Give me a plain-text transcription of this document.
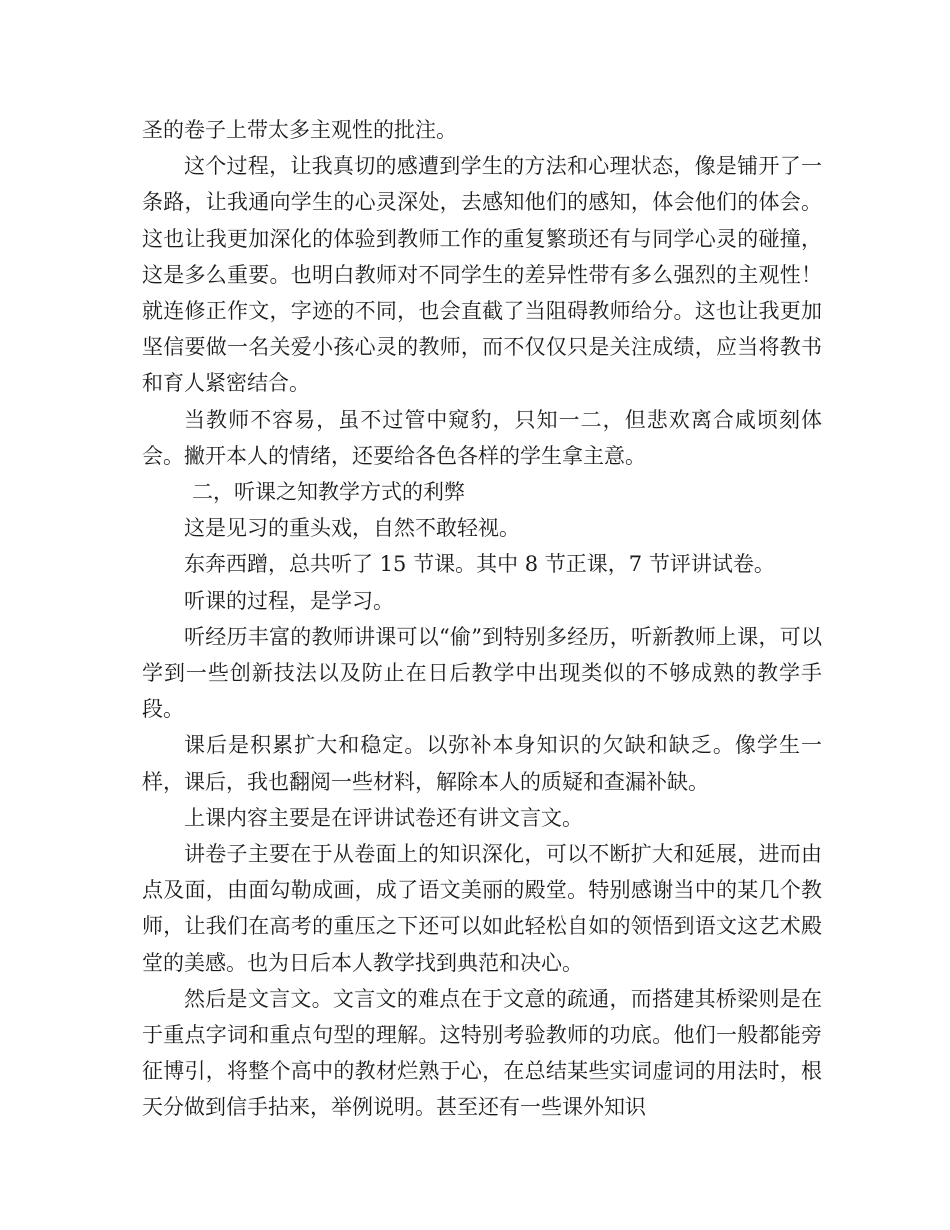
圣的卷子上带太多主观性的批注。

这个过程，让我真切的感遭到学生的方法和心理状态，像是铺开了一条路，让我通向学生的心灵深处，去感知他们的感知，体会他们的体会。这也让我更加深化的体验到教师工作的重复繁琐还有与同学心灵的碰撞，这是多么重要。也明白教师对不同学生的差异性带有多么强烈的主观性！就连修正作文，字迹的不同，也会直截了当阻碍教师给分。这也让我更加坚信要做一名关爱小孩心灵的教师，而不仅仅只是关注成绩，应当将教书和育人紧密结合。

当教师不容易，虽不过管中窥豹，只知一二，但悲欢离合咸顷刻体会。撇开本人的情绪，还要给各色各样的学生拿主意。

二，听课之知教学方式的利弊

这是见习的重头戏，自然不敢轻视。

东奔西蹭，总共听了 15 节课。其中 8 节正课，7 节评讲试卷。

听课的过程，是学习。

听经历丰富的教师讲课可以“偷”到特别多经历，听新教师上课，可以学到一些创新技法以及防止在日后教学中出现类似的不够成熟的教学手段。

课后是积累扩大和稳定。以弥补本身知识的欠缺和缺乏。像学生一样，课后，我也翻阅一些材料，解除本人的质疑和查漏补缺。

上课内容主要是在评讲试卷还有讲文言文。

讲卷子主要在于从卷面上的知识深化，可以不断扩大和延展，进而由点及面，由面勾勒成画，成了语文美丽的殿堂。特别感谢当中的某几个教师，让我们在高考的重压之下还可以如此轻松自如的领悟到语文这艺术殿堂的美感。也为日后本人教学找到典范和决心。

然后是文言文。文言文的难点在于文意的疏通，而搭建其桥梁则是在于重点字词和重点句型的理解。这特别考验教师的功底。他们一般都能旁征博引，将整个高中的教材烂熟于心，在总结某些实词虚词的用法时，根天分做到信手拈来，举例说明。甚至还有一些课外知识
